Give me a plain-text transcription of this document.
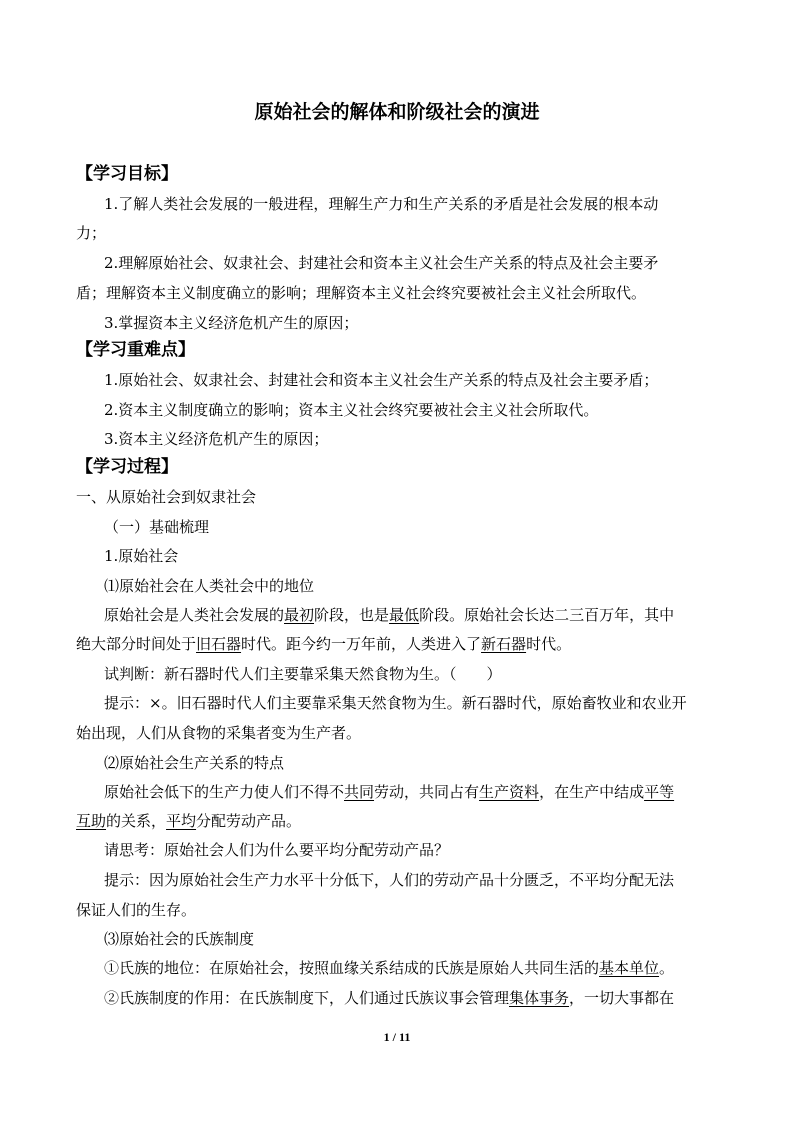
原始社会的解体和阶级社会的演进
【学习目标】
1.了解人类社会发展的一般进程，理解生产力和生产关系的矛盾是社会发展的根本动
力；
2.理解原始社会、奴隶社会、封建社会和资本主义社会生产关系的特点及社会主要矛
盾；理解资本主义制度确立的影响；理解资本主义社会终究要被社会主义社会所取代。
3.掌握资本主义经济危机产生的原因；
【学习重难点】
1.原始社会、奴隶社会、封建社会和资本主义社会生产关系的特点及社会主要矛盾；
2.资本主义制度确立的影响；资本主义社会终究要被社会主义社会所取代。
3.资本主义经济危机产生的原因；
【学习过程】
一、从原始社会到奴隶社会
（一）基础梳理
1.原始社会
⑴原始社会在人类社会中的地位
原始社会是人类社会发展的最初阶段，也是最低阶段。原始社会长达二三百万年，其中
绝大部分时间处于旧石器时代。距今约一万年前，人类进入了新石器时代。
试判断：新石器时代人们主要靠采集天然食物为生。（　　）
提示：×。旧石器时代人们主要靠采集天然食物为生。新石器时代，原始畜牧业和农业开
始出现，人们从食物的采集者变为生产者。
⑵原始社会生产关系的特点
原始社会低下的生产力使人们不得不共同劳动，共同占有生产资料，在生产中结成平等
互助的关系，平均分配劳动产品。
请思考：原始社会人们为什么要平均分配劳动产品？
提示：因为原始社会生产力水平十分低下，人们的劳动产品十分匮乏，不平均分配无法
保证人们的生存。
⑶原始社会的氏族制度
①氏族的地位：在原始社会，按照血缘关系结成的氏族是原始人共同生活的基本单位。
②氏族制度的作用：在氏族制度下，人们通过氏族议事会管理集体事务，一切大事都在
1 / 11
